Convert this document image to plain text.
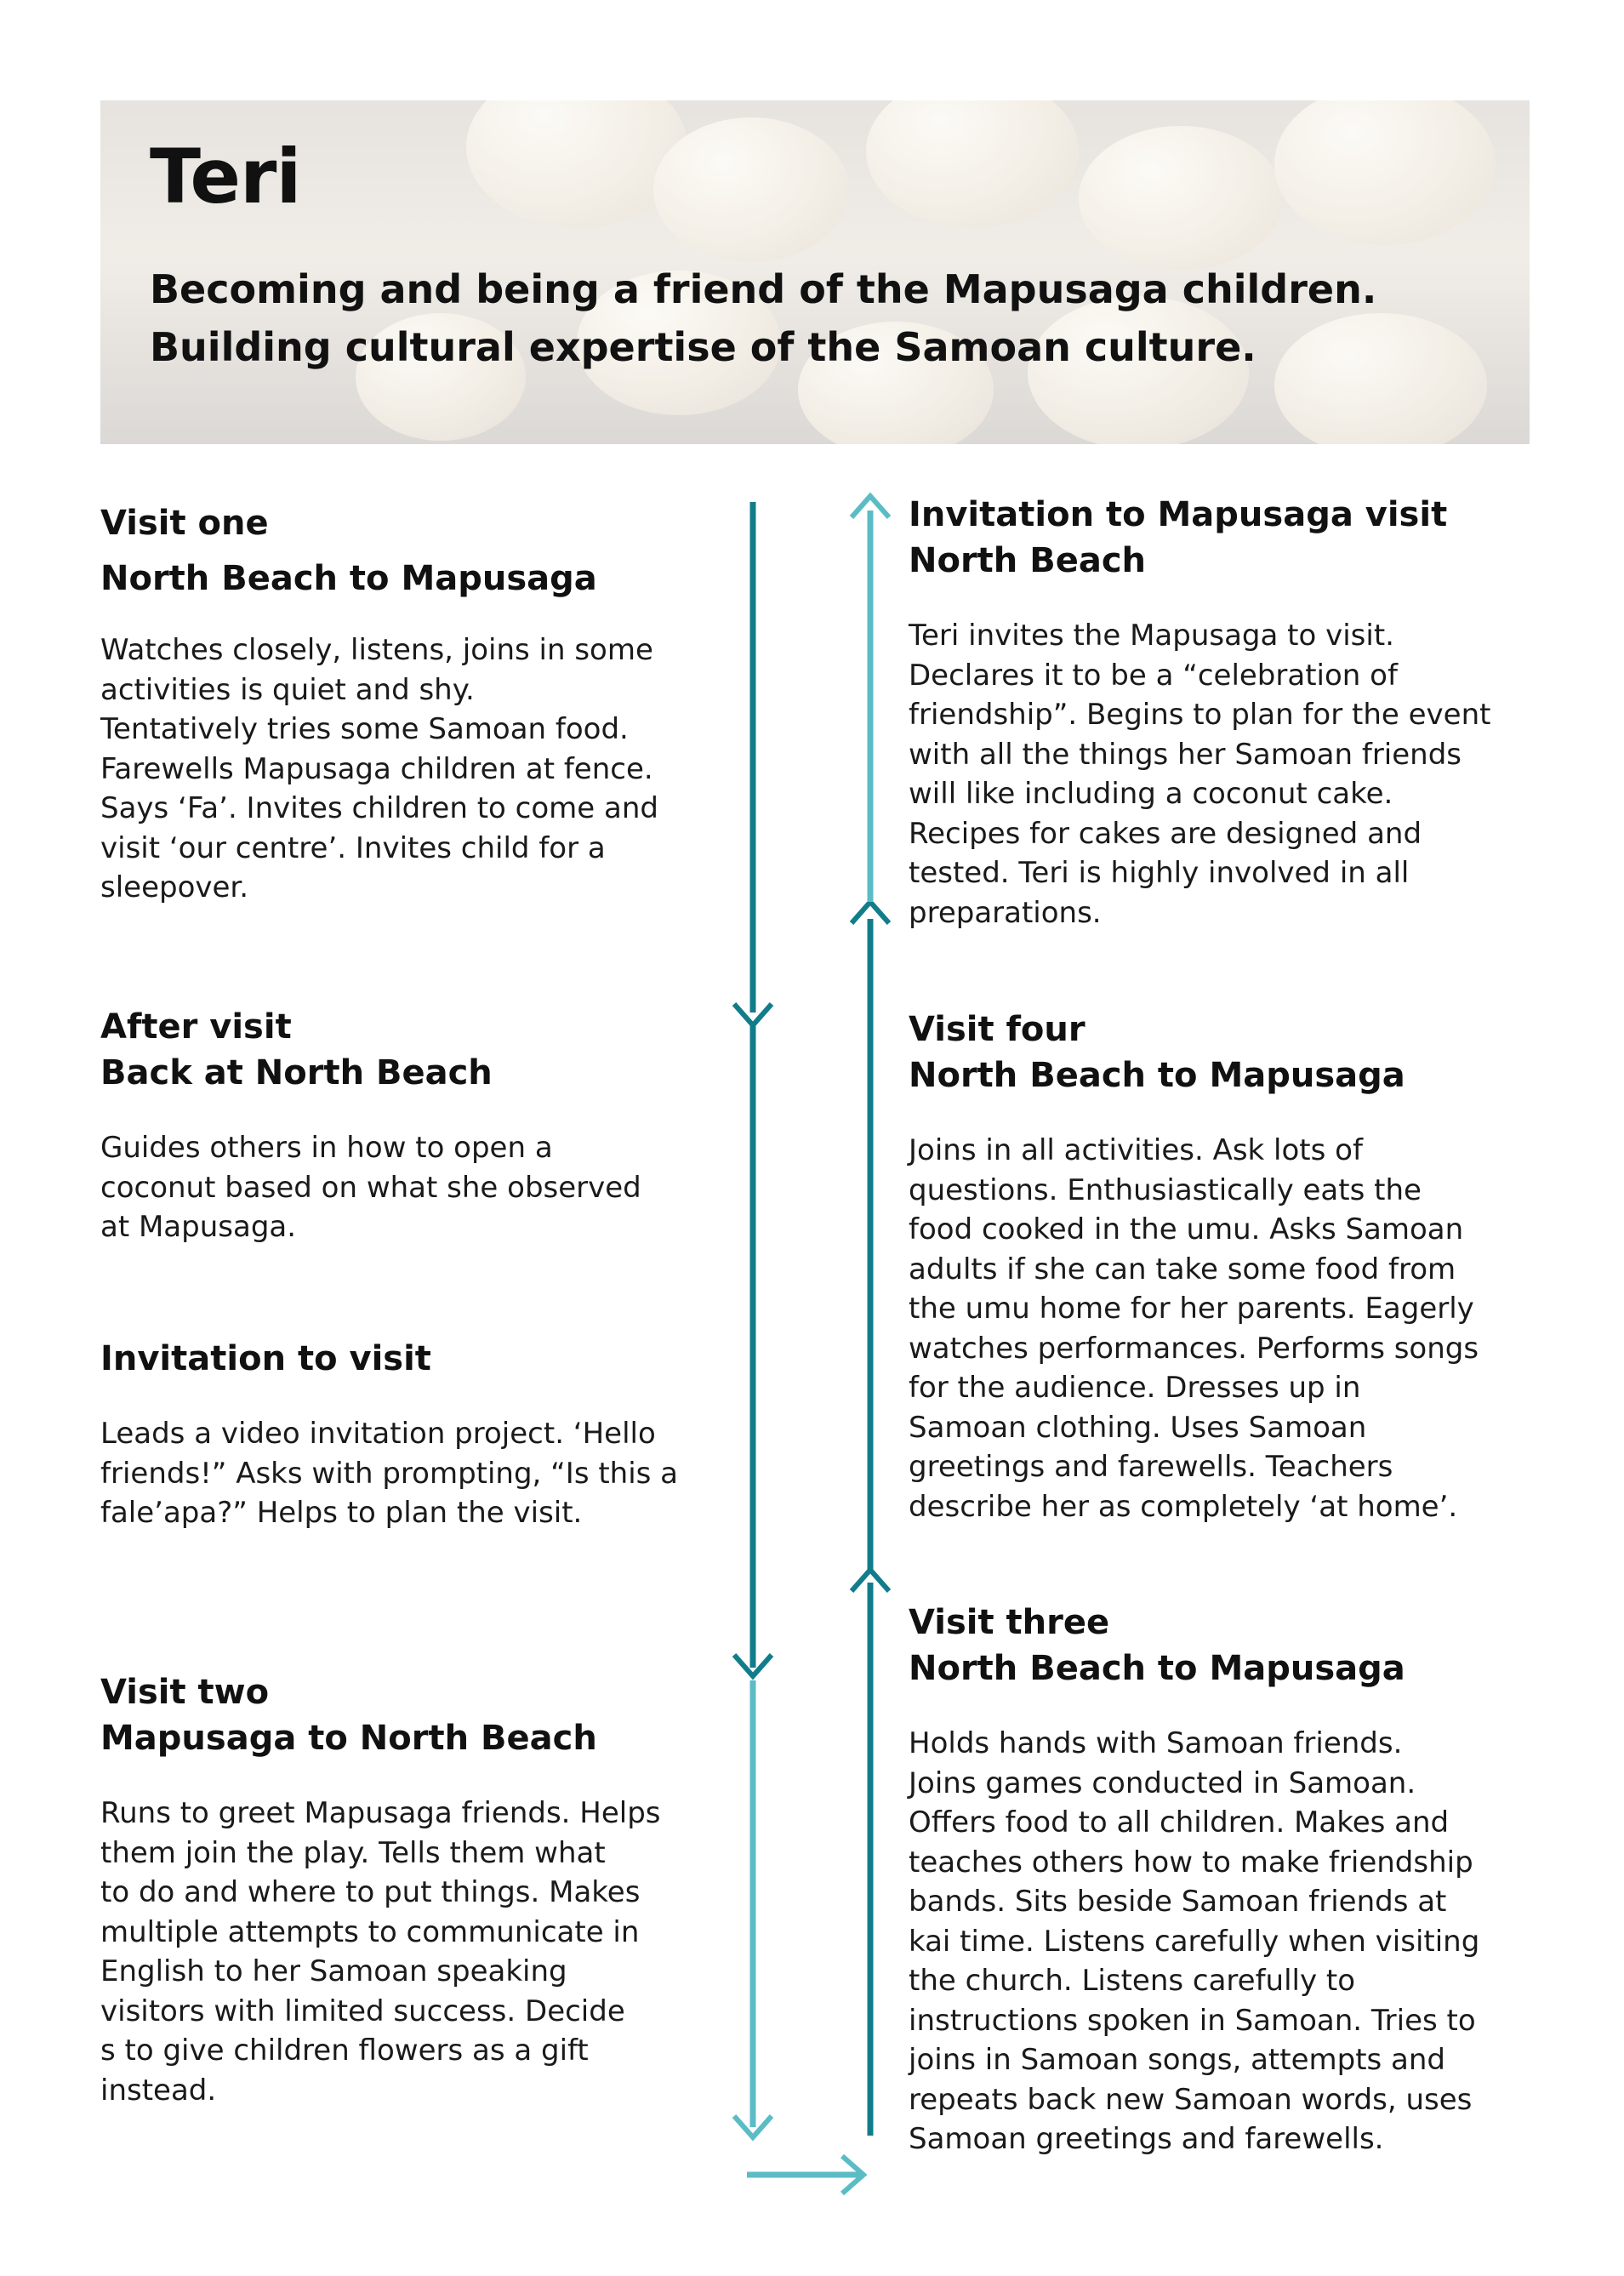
Teri
Becoming and being a friend of the Mapusaga children.
Building cultural expertise of the Samoan culture.
Visit one
North Beach to Mapusaga

Watches closely, listens, joins in some
activities is quiet and shy.
Tentatively tries some Samoan food.
Farewells Mapusaga children at fence.
Says ‘Fa’. Invites children to come and
visit ‘our centre’. Invites child for a
sleepover.

After visit
Back at North Beach

Guides others in how to open a
coconut based on what she observed
at Mapusaga.

Invitation to visit

Leads a video invitation project. ‘Hello
friends!” Asks with prompting, “Is this a
fale’apa?” Helps to plan the visit.

Visit two
Mapusaga to North Beach

Runs to greet Mapusaga friends. Helps
them join the play. Tells them what
to do and where to put things. Makes
multiple attempts to communicate in
English to her Samoan speaking
visitors with limited success. Decide
s to give children flowers as a gift
instead.

Invitation to Mapusaga visit
North Beach

Teri invites the Mapusaga to visit.
Declares it to be a “celebration of
friendship”. Begins to plan for the event
with all the things her Samoan friends
will like including a coconut cake.
Recipes for cakes are designed and
tested. Teri is highly involved in all
preparations.

Visit four
North Beach to Mapusaga

Joins in all activities. Ask lots of
questions. Enthusiastically eats the
food cooked in the umu. Asks Samoan
adults if she can take some food from
the umu home for her parents. Eagerly
watches performances. Performs songs
for the audience. Dresses up in
Samoan clothing. Uses Samoan
greetings and farewells. Teachers
describe her as completely ‘at home’.

Visit three
North Beach to Mapusaga

Holds hands with Samoan friends.
Joins games conducted in Samoan.
Offers food to all children. Makes and
teaches others how to make friendship
bands. Sits beside Samoan friends at
kai time. Listens carefully when visiting
the church. Listens carefully to
instructions spoken in Samoan. Tries to
joins in Samoan songs, attempts and
repeats back new Samoan words, uses
Samoan greetings and farewells.
